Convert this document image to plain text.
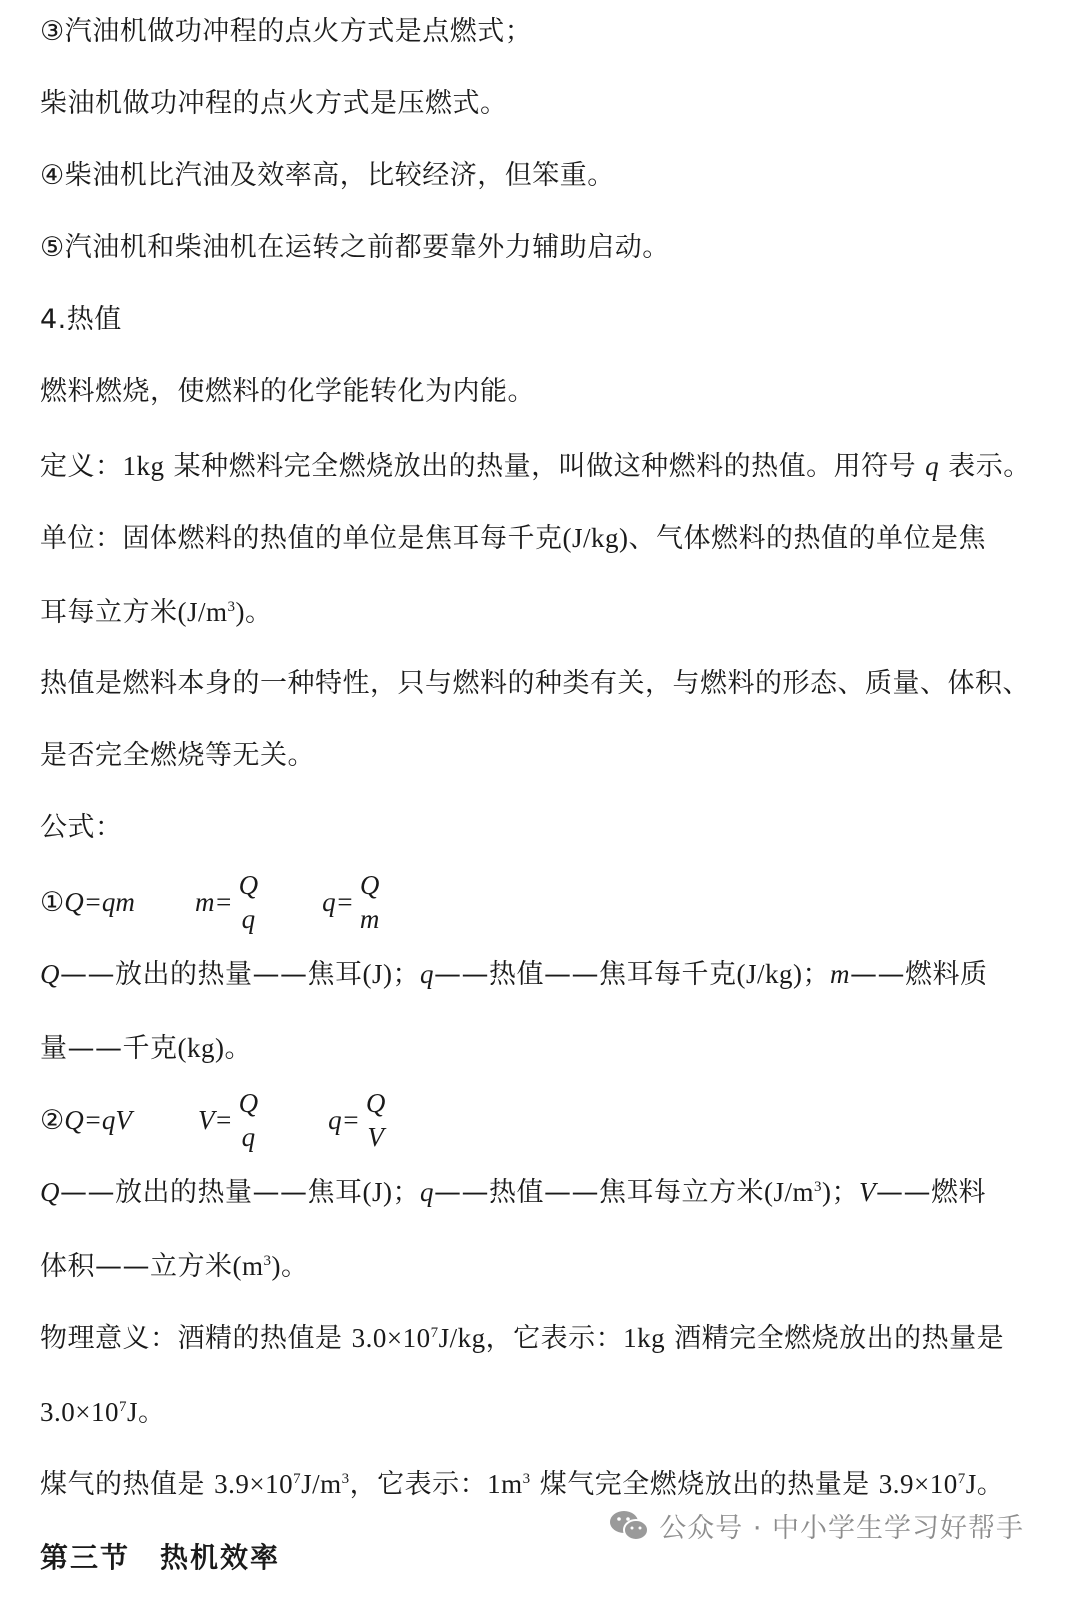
③汽油机做功冲程的点火方式是点燃式；
柴油机做功冲程的点火方式是压燃式。
④柴油机比汽油及效率高，比较经济，但笨重。
⑤汽油机和柴油机在运转之前都要靠外力辅助启动。
4.热值
燃料燃烧，使燃料的化学能转化为内能。
定义：1kg 某种燃料完全燃烧放出的热量，叫做这种燃料的热值。用符号 q 表示。
单位：固体燃料的热值的单位是焦耳每千克(J/kg)、气体燃料的热值的单位是焦
耳每立方米$(J/m^3)$。
热值是燃料本身的一种特性，只与燃料的种类有关，与燃料的形态、质量、体积、
是否完全燃烧等无关。
公式：
① Q=qm m=
Q
q
q=
Q
m
Q——放出的热量——焦耳(J)；q——热值——焦耳每千克(J/kg)；m——燃料质
量——千克(kg)。
② Q=qV V=
Q
q
q=
Q
V
Q——放出的热量——焦耳(J)；q——热值——焦耳每立方米$(J/m^3)$；V——燃料
体积——立方米$(m^3)$。
物理意义：酒精的热值是 $3.0\times 10^7J/kg$，它表示：1kg 酒精完全燃烧放出的热量是
$3.0\times 10^7J$。
煤气的热值是 $3.9\times 10^7J/m^3$，它表示：$1m^3$ 煤气完全燃烧放出的热量是 $3.9\times 10^7J$。
第三节　热机效率
公众号 · 中小学生学习好帮手
